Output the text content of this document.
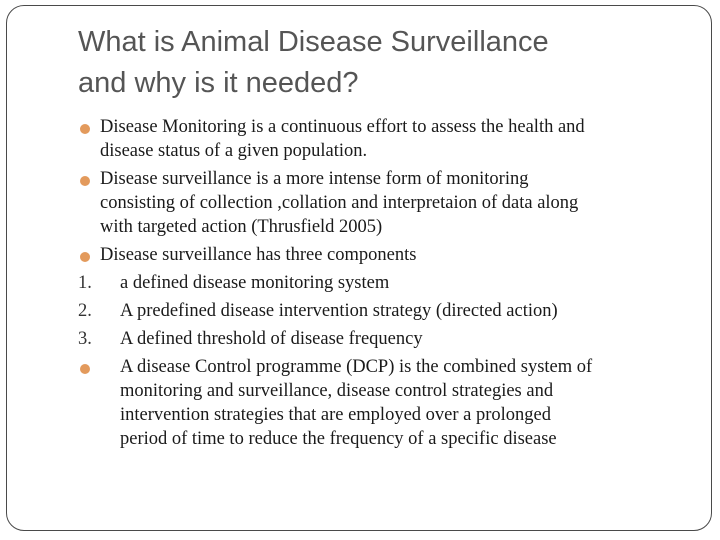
What is Animal Disease Surveillance
and why is it needed?
Disease Monitoring is a continuous effort to assess the health and
disease status of a given population.
Disease surveillance is a more intense form of monitoring
consisting of collection ,collation and interpretaion of data along
with targeted action (Thrusfield 2005)
Disease surveillance has three components
1. a defined disease monitoring system
2. A predefined disease intervention strategy (directed action)
3. A defined threshold of disease frequency
A disease Control programme (DCP) is the combined system of
monitoring and surveillance, disease control strategies and
intervention strategies that are employed over a prolonged
period of time to reduce the frequency of a specific disease
